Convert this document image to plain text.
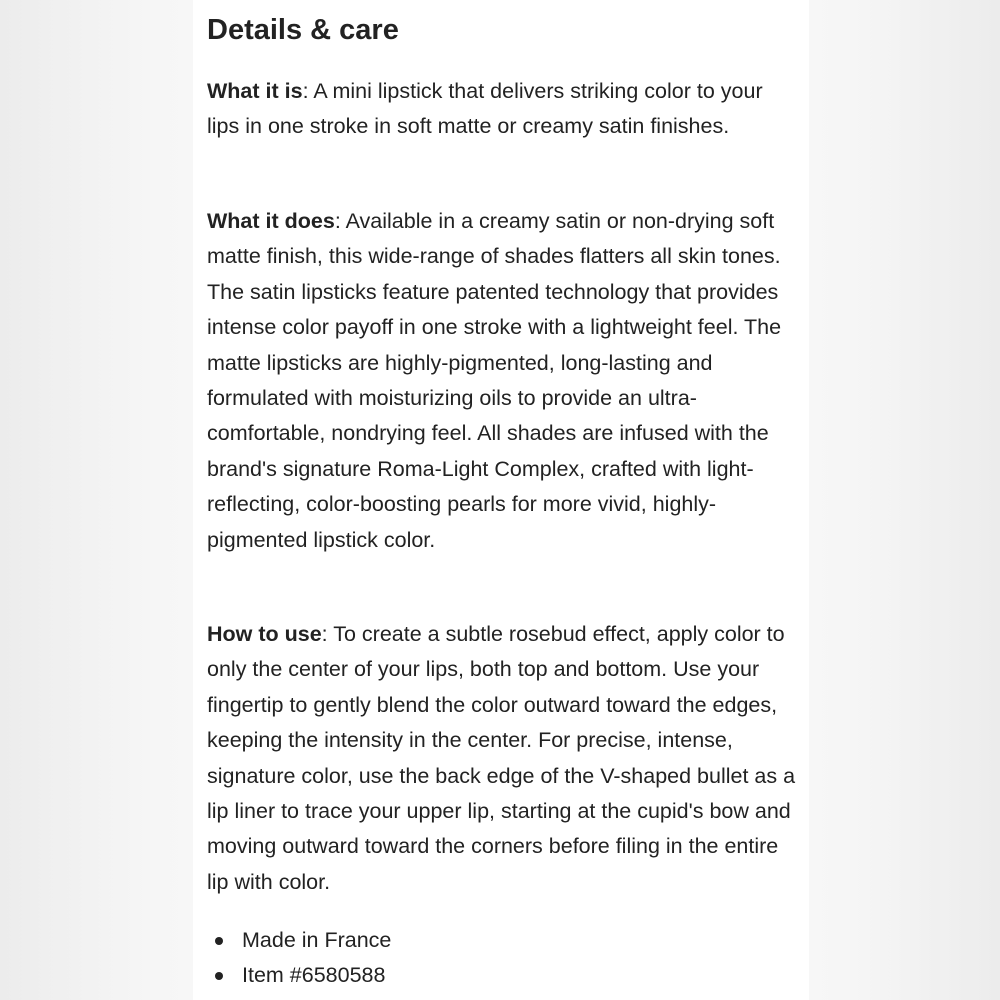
Details & care

What it is: A mini lipstick that delivers striking color to your lips in one stroke in soft matte or creamy satin finishes.

What it does: Available in a creamy satin or non-drying soft matte finish, this wide-range of shades flatters all skin tones. The satin lipsticks feature patented technology that provides intense color payoff in one stroke with a lightweight feel. The matte lipsticks are highly-pigmented, long-lasting and formulated with moisturizing oils to provide an ultra-comfortable, nondrying feel. All shades are infused with the brand's signature Roma-Light Complex, crafted with light-reflecting, color-boosting pearls for more vivid, highly-pigmented lipstick color.

How to use: To create a subtle rosebud effect, apply color to only the center of your lips, both top and bottom. Use your fingertip to gently blend the color outward toward the edges, keeping the intensity in the center. For precise, intense, signature color, use the back edge of the V-shaped bullet as a lip liner to trace your upper lip, starting at the cupid's bow and moving outward toward the corners before filing in the entire lip with color.

Made in France
Item #6580588
